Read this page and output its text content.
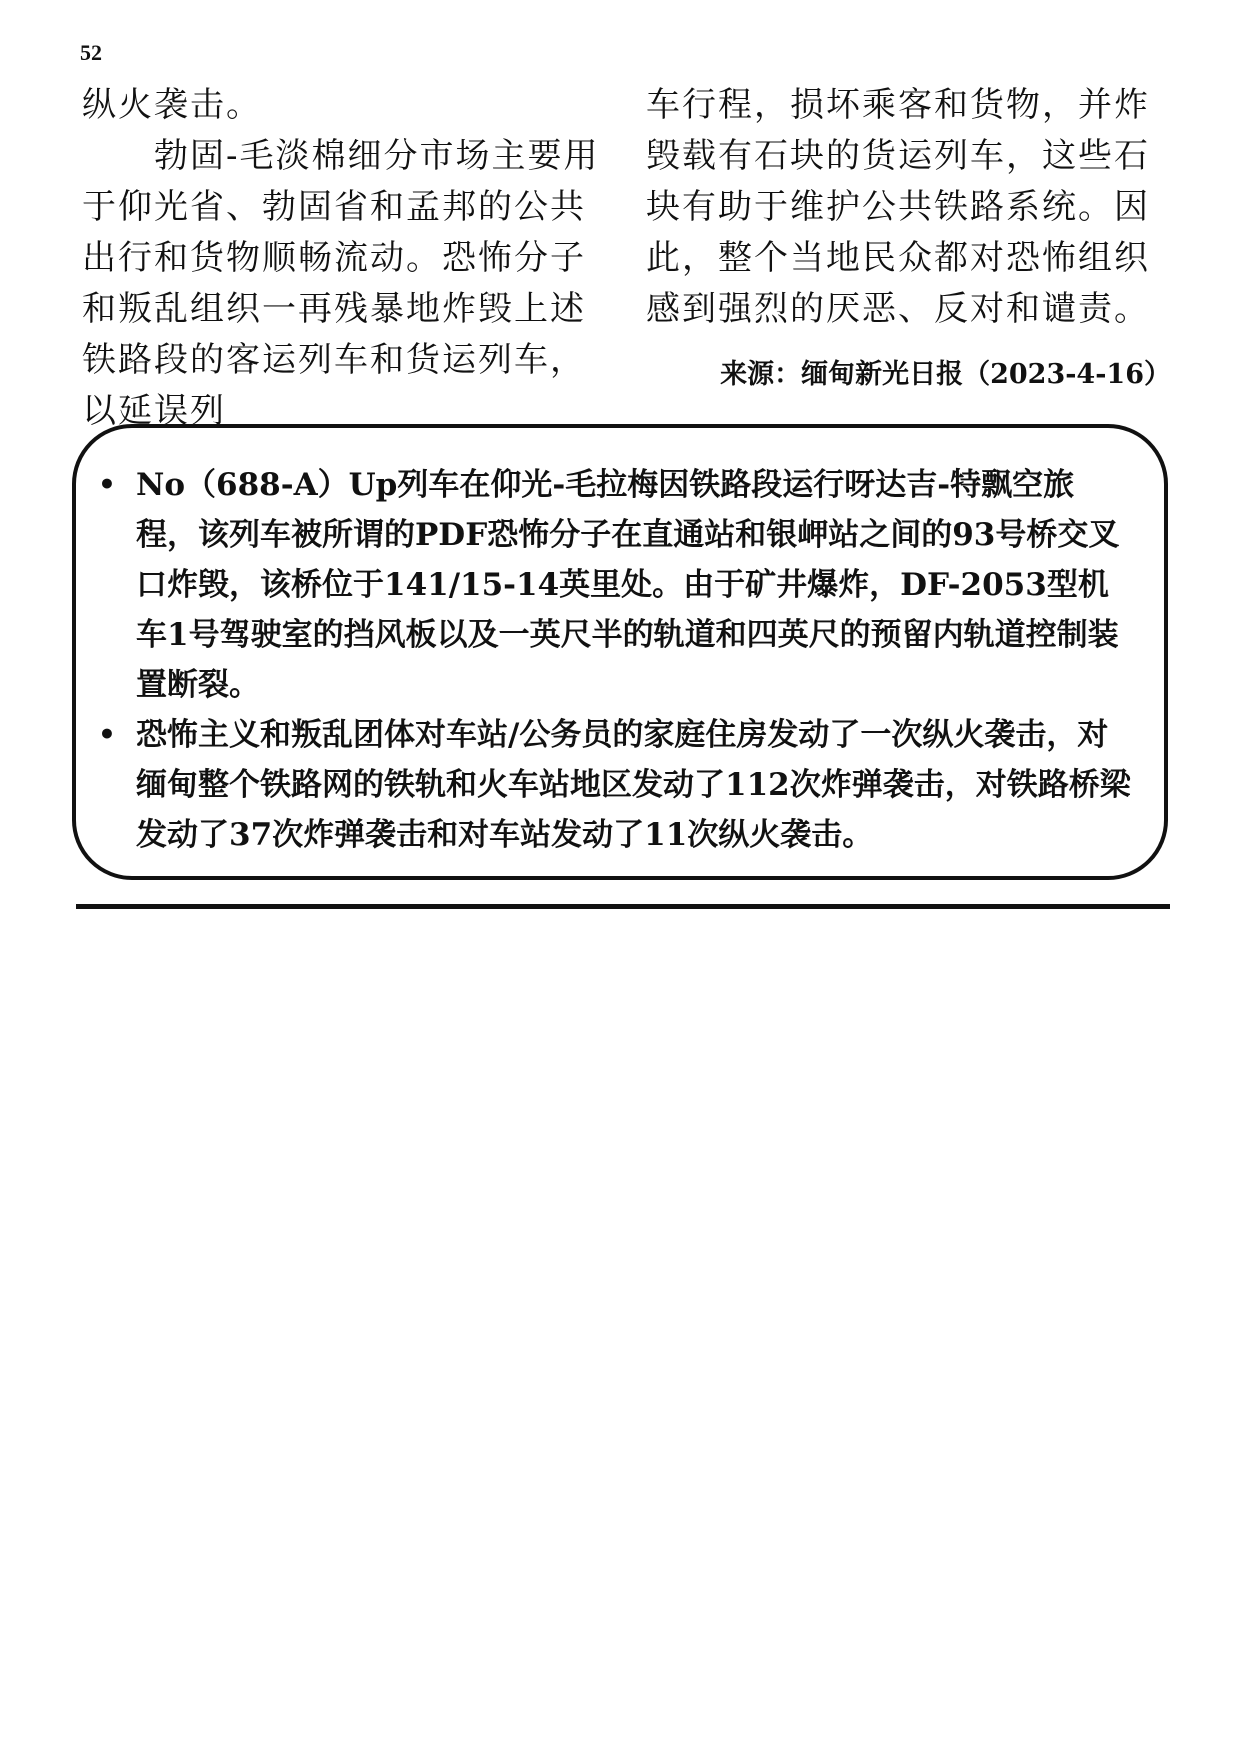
52

纵火袭击。

勃固-毛淡棉细分市场主要用于仰光省、勃固省和孟邦的公共出行和货物顺畅流动。恐怖分子和叛乱组织一再残暴地炸毁上述铁路段的客运列车和货运列车，以延误列

车行程，损坏乘客和货物，并炸毁载有石块的货运列车，这些石块有助于维护公共铁路系统。因此，整个当地民众都对恐怖组织感到强烈的厌恶、反对和谴责。

来源：缅甸新光日报（2023-4-16）

• No（688-A）Up列车在仰光-毛拉梅因铁路段运行呀达吉-特飘空旅程，该列车被所谓的PDF恐怖分子在直通站和银岬站之间的93号桥交叉口炸毁，该桥位于141/15-14英里处。由于矿井爆炸，DF-2053型机车1号驾驶室的挡风板以及一英尺半的轨道和四英尺的预留内轨道控制装置断裂。
• 恐怖主义和叛乱团体对车站/公务员的家庭住房发动了一次纵火袭击，对缅甸整个铁路网的铁轨和火车站地区发动了112次炸弹袭击，对铁路桥梁发动了37次炸弹袭击和对车站发动了11次纵火袭击。
